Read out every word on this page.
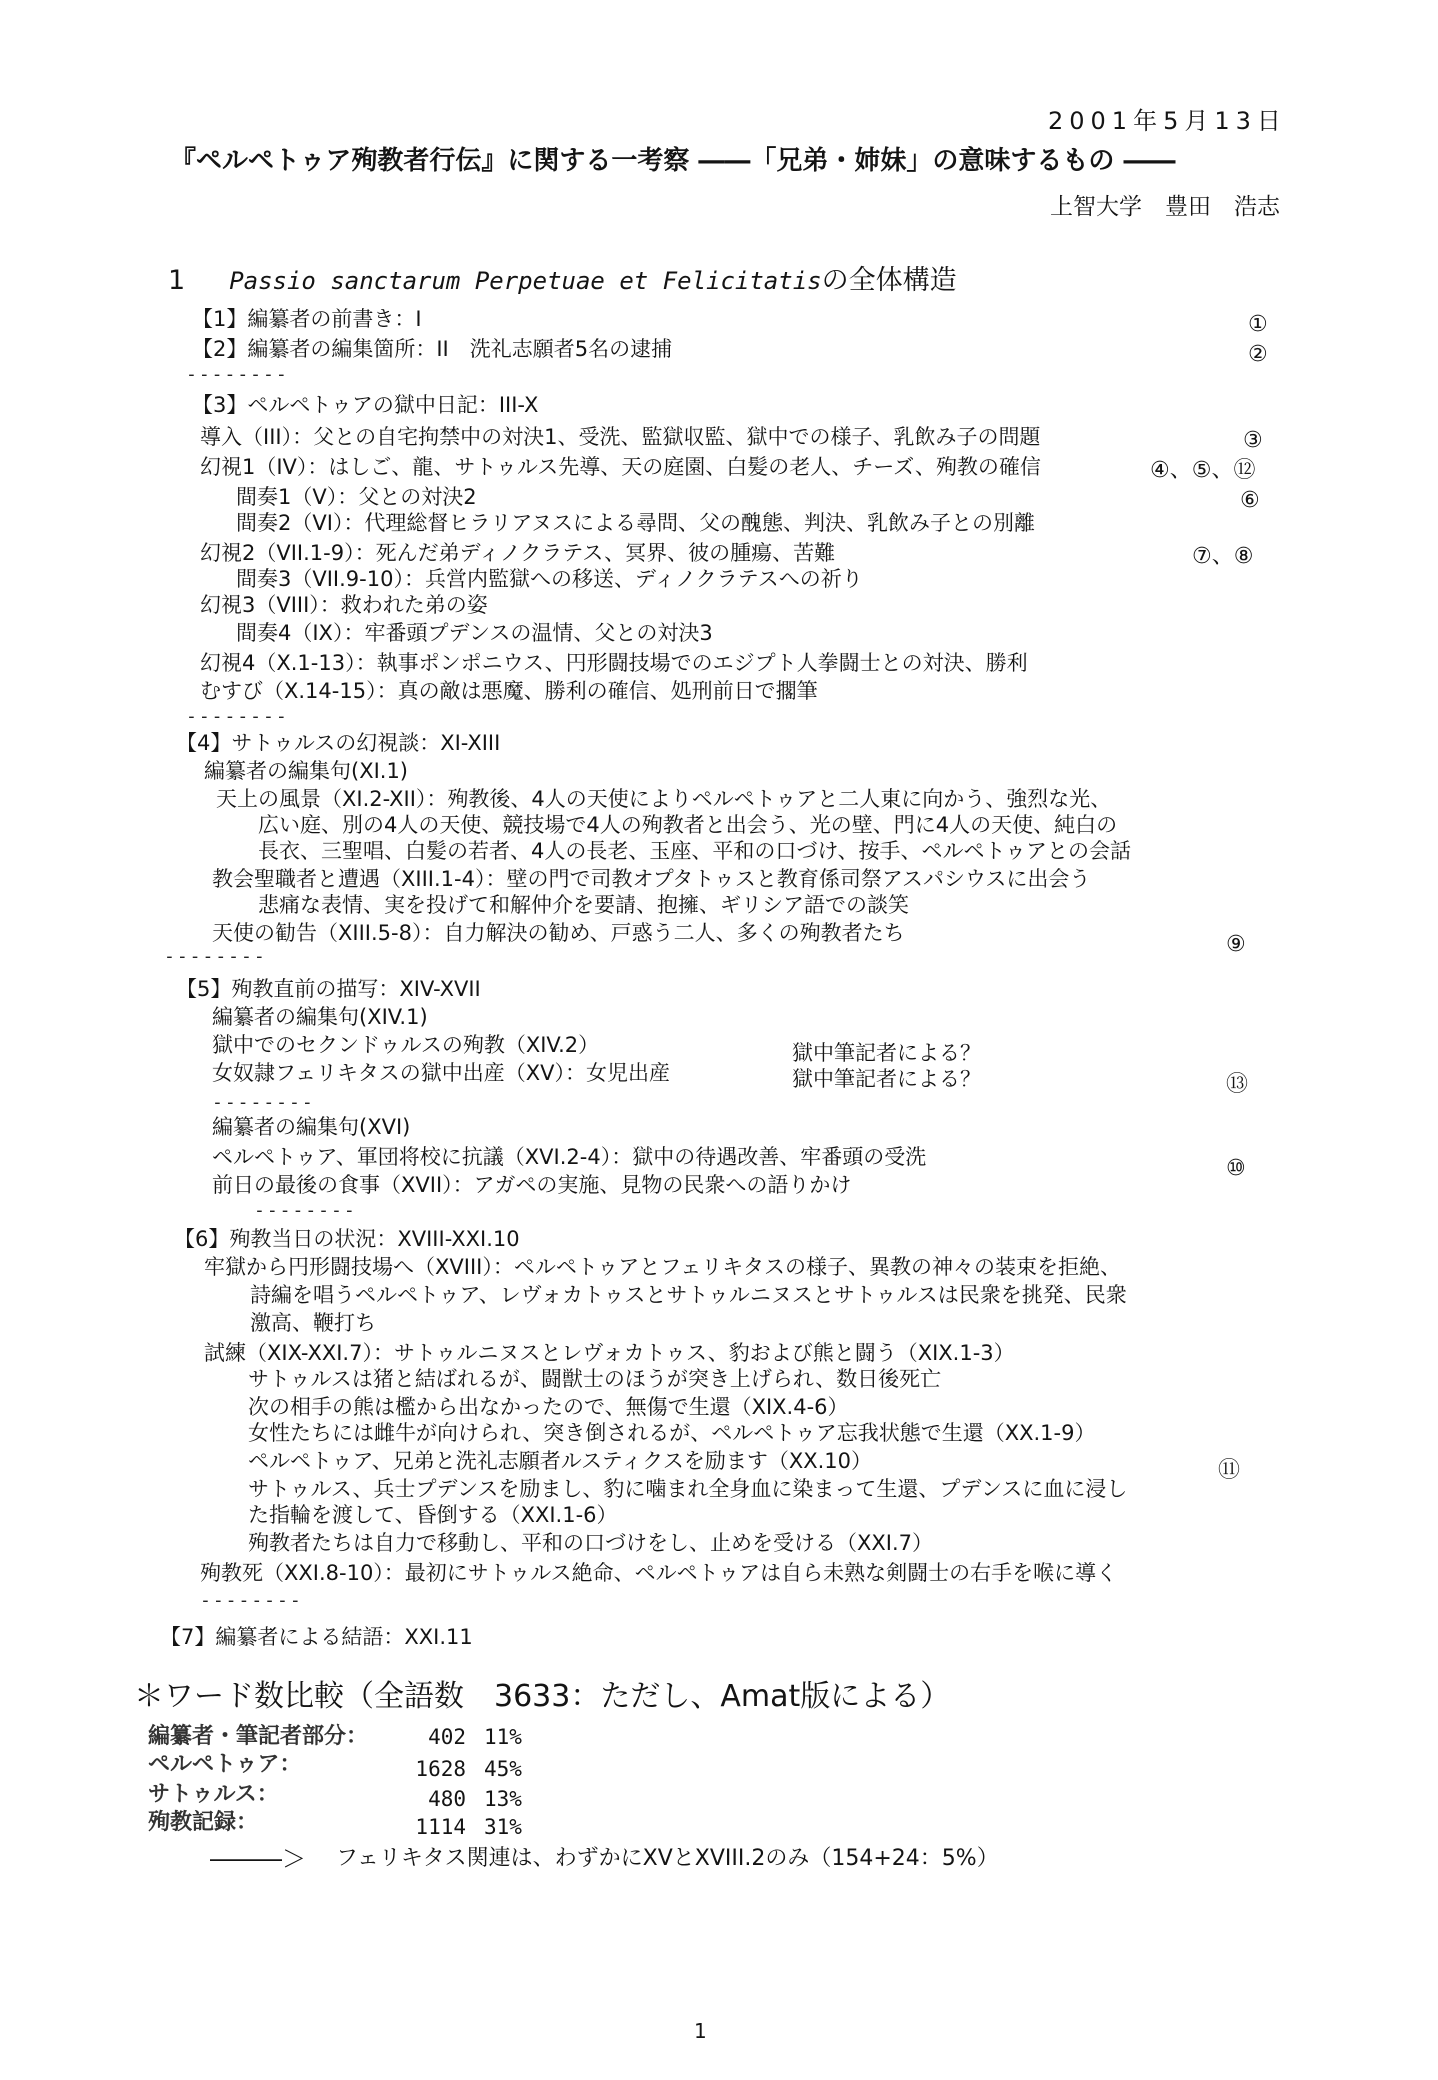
2001年5月13日
『ペルペトゥア殉教者行伝』に関する一考察 ――「兄弟・姉妹」の意味するもの ――
上智大学　豊田　浩志
1 Passio sanctarum Perpetuae et Felicitatisの全体構造
【1】編纂者の前書き：I	①
【2】編纂者の編集箇所：II　洗礼志願者5名の逮捕	②
--------
【3】ペルペトゥアの獄中日記：III-X
導入（III）：父との自宅拘禁中の対決1、受洗、監獄収監、獄中での様子、乳飲み子の問題	③
幻視1（IV）：はしご、龍、サトゥルス先導、天の庭園、白髪の老人、チーズ、殉教の確信	④、⑤、⑫
間奏1（V）：父との対決2	⑥
間奏2（VI）：代理総督ヒラリアヌスによる尋問、父の醜態、判決、乳飲み子との別離
幻視2（VII.1-9）：死んだ弟ディノクラテス、冥界、彼の腫瘍、苦難	⑦、⑧
間奏3（VII.9-10）：兵営内監獄への移送、ディノクラテスへの祈り
幻視3（VIII）：救われた弟の姿
間奏4（IX）：牢番頭プデンスの温情、父との対決3
幻視4（X.1-13）：執事ポンポニウス、円形闘技場でのエジプト人拳闘士との対決、勝利
むすび（X.14-15）：真の敵は悪魔、勝利の確信、処刑前日で擱筆
--------
【4】サトゥルスの幻視談：XI-XIII
編纂者の編集句(XI.1)
天上の風景（XI.2-XII）：殉教後、4人の天使によりペルペトゥアと二人東に向かう、強烈な光、
広い庭、別の4人の天使、競技場で4人の殉教者と出会う、光の壁、門に4人の天使、純白の
長衣、三聖唱、白髪の若者、4人の長老、玉座、平和の口づけ、按手、ペルペトゥアとの会話
教会聖職者と遭遇（XIII.1-4）：壁の門で司教オプタトゥスと教育係司祭アスパシウスに出会う
悲痛な表情、実を投げて和解仲介を要請、抱擁、ギリシア語での談笑
天使の勧告（XIII.5-8）：自力解決の勧め、戸惑う二人、多くの殉教者たち	⑨
--------
【5】殉教直前の描写：XIV-XVII
編纂者の編集句(XIV.1)
獄中でのセクンドゥルスの殉教（XIV.2）	獄中筆記者による？
女奴隷フェリキタスの獄中出産（XV）：女児出産	獄中筆記者による？	⑬
--------
編纂者の編集句(XVI)
ペルペトゥア、軍団将校に抗議（XVI.2-4）：獄中の待遇改善、牢番頭の受洗	⑩
前日の最後の食事（XVII）：アガペの実施、見物の民衆への語りかけ
--------
【6】殉教当日の状況：XVIII-XXI.10
牢獄から円形闘技場へ（XVIII）：ペルペトゥアとフェリキタスの様子、異教の神々の装束を拒絶、
詩編を唱うペルペトゥア、レヴォカトゥスとサトゥルニヌスとサトゥルスは民衆を挑発、民衆
激高、鞭打ち
試練（XIX-XXI.7）：サトゥルニヌスとレヴォカトゥス、豹および熊と闘う（XIX.1-3）
サトゥルスは猪と結ばれるが、闘獣士のほうが突き上げられ、数日後死亡
次の相手の熊は檻から出なかったので、無傷で生還（XIX.4-6）
女性たちには雌牛が向けられ、突き倒されるが、ペルペトゥア忘我状態で生還（XX.1-9）
ペルペトゥア、兄弟と洗礼志願者ルスティクスを励ます（XX.10）	⑪
サトゥルス、兵士プデンスを励まし、豹に噛まれ全身血に染まって生還、プデンスに血に浸し
た指輪を渡して、昏倒する（XXI.1-6）
殉教者たちは自力で移動し、平和の口づけをし、止めを受ける（XXI.7）
殉教死（XXI.8-10）：最初にサトゥルス絶命、ペルペトゥアは自ら未熟な剣闘士の右手を喉に導く
--------
【7】編纂者による結語：XXI.11
＊ワード数比較（全語数　3633：ただし、Amat版による）
編纂者・筆記者部分：	402 11%
ペルペトゥア：	1628 45%
サトゥルス：	480 13%
殉教記録：	1114 31%
―――＞ フェリキタス関連は、わずかにXVとXVIII.2のみ（154+24：5%）
1
